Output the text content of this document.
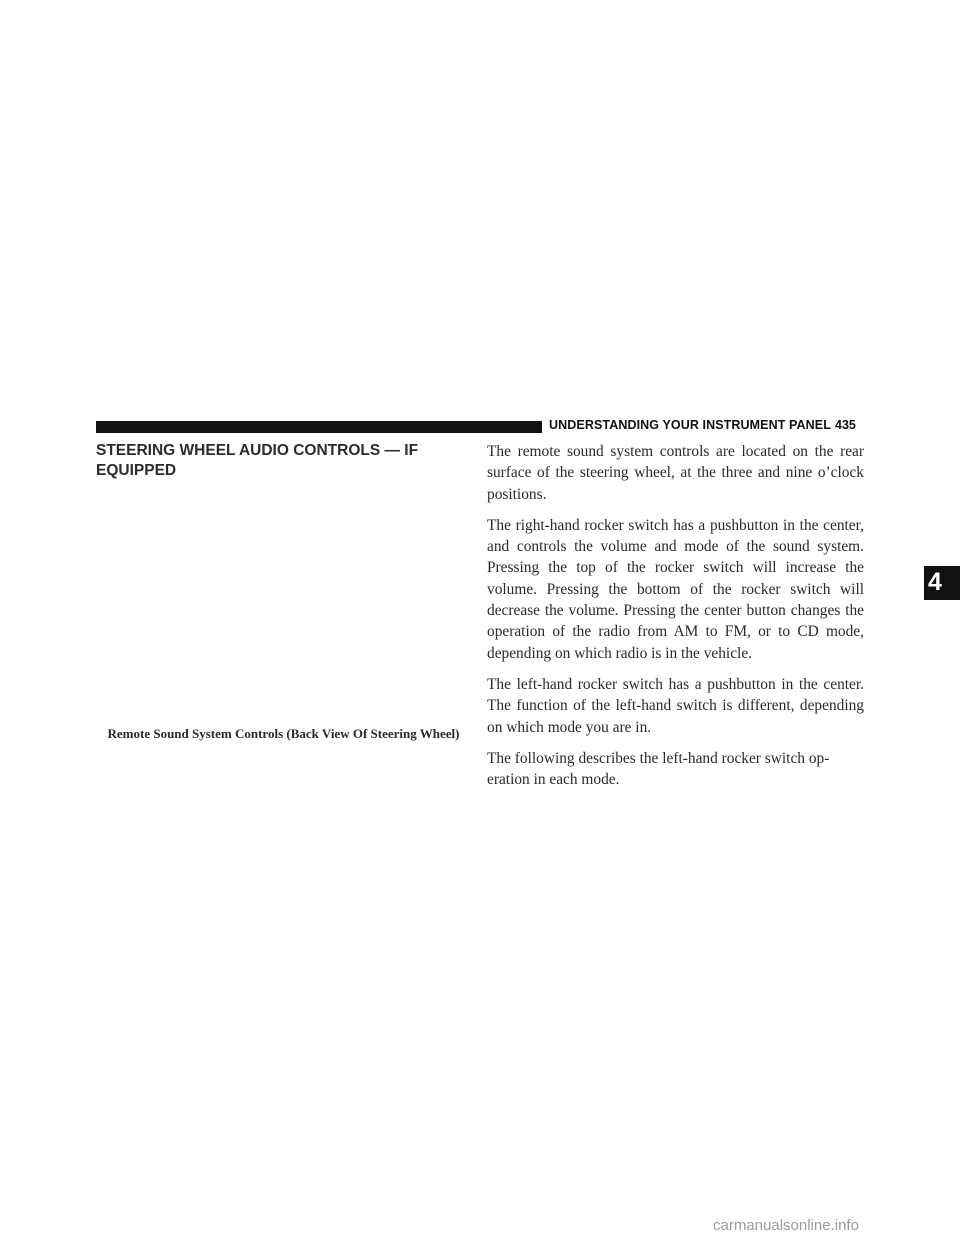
UNDERSTANDING YOUR INSTRUMENT PANEL 435
STEERING WHEEL AUDIO CONTROLS — IF EQUIPPED

Remote Sound System Controls (Back View Of Steering Wheel)

The remote sound system controls are located on the rear surface of the steering wheel, at the three and nine o’clock positions.

The right-hand rocker switch has a pushbutton in the center, and controls the volume and mode of the sound system. Pressing the top of the rocker switch will increase the volume. Pressing the bottom of the rocker switch will decrease the volume. Pressing the center button changes the operation of the radio from AM to FM, or to CD mode, depending on which radio is in the vehicle.

The left-hand rocker switch has a pushbutton in the center. The function of the left-hand switch is different, depending on which mode you are in.

The following describes the left-hand rocker switch op-eration in each mode.

4
carmanualsonline.info
